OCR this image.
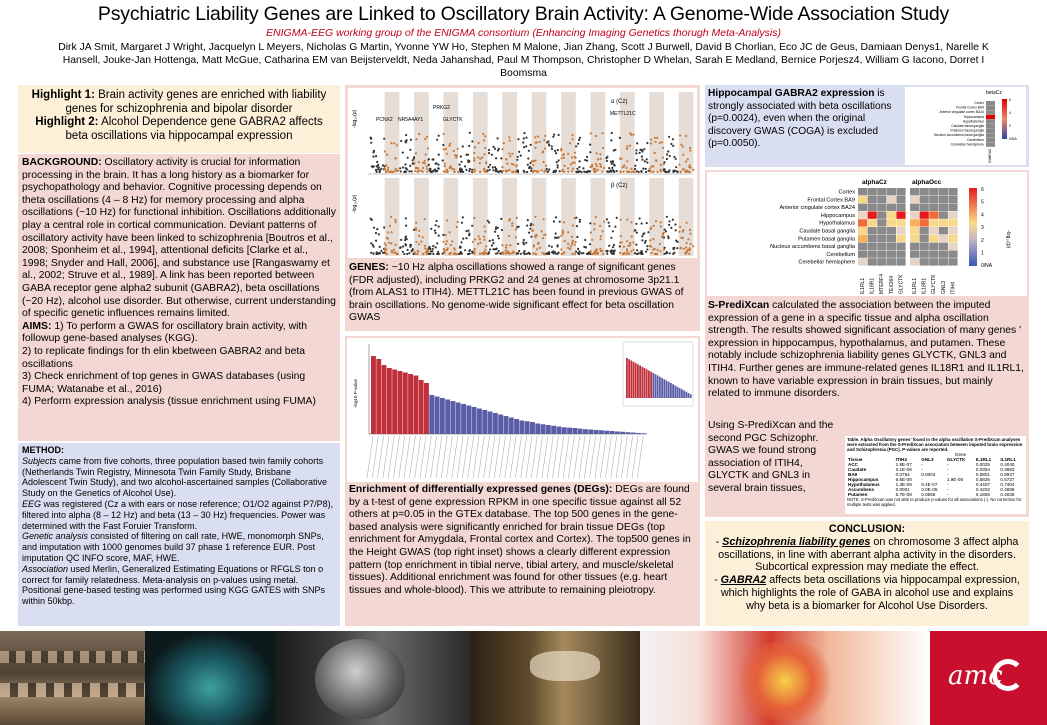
Psychiatric Liability Genes are Linked to Oscillatory Brain Activity: A Genome-Wide Association Study
ENIGMA-EEG working group of the ENIGMA consortium (Enhancing Imaging Genetics thorugh Meta-Analysis)
Dirk JA Smit, Margaret J Wright, Jacquelyn L Meyers, Nicholas G Martin, Yvonne YW Ho, Stephen M Malone, Jian Zhang, Scott J Burwell, David B Chorlian, Eco JC de Geus, Damiaan Denys1, Narelle K Hansell, Jouke-Jan Hottenga, Matt McGue, Catharina EM van Beijsterveldt, Neda Jahanshad, Paul M Thompson, Christopher D Whelan, Sarah E Medland, Bernice Porjesz4, William G Iacono, Dorret I Boomsma
Highlight 1: Brain activity genes are enriched with liability genes for schizophrenia and bipolar disorder
Highlight 2: Alcohol Dependence gene GABRA2 affects beta oscillations via hippocampal expression

BACKGROUND: Oscillatory activity is crucial for information processing in the brain. It has a long history as a biomarker for psychopathology and behavior. Cognitive processing depends on theta oscillations (4 – 8 Hz) for memory processing and alpha oscillations (~10 Hz) for functional inhibition. Oscillations additionally play a central role in cortical communication. Deviant patterns of oscillatory activity have been linked to schizophrenia [Boutros et al., 2008; Sponheim et al., 1994], attentional deficits [Clarke et al., 1998; Snyder and Hall, 2006], and substance use [Rangaswamy et al., 2002; Struve et al., 1989]. A link has been reported between GABA receptor gene alpha2 subunit (GABRA2), beta oscillations (~20 Hz), alcohol use disorder. But otherwise, current understanding of specific genetic influences remains limited.

AIMS: 1) To perform a GWAS for oscillatory brain activity, with followup gene-based analyses (KGG).

2) to replicate findings for th elin kbetween GABRA2 and beta oscillations

3) Check enrichment of top genes in GWAS databases (using FUMA; Watanabe et al., 2016)

4) Perform expression analysis (tissue enrichment using FUMA)

METHOD:

Subjects came from five cohorts, three population based twin family cohorts (Netherlands Twin Registry, Minnesota Twin Family Study, Brisbane Adolescent Twin Study), and two alcohol-ascertained samples (Collaborative Study on the Genetics of Alcohol Use).

EEG was registered (Cz a with ears or nose reference; O1/O2 against P7/P8), filtered into alpha (8 – 12 Hz) and beta (13 – 30 Hz) frequencies. Power was determined with the Fast Foruier Transform.

Genetic analysis consisted of filtering on call rate, HWE, monomorph SNPs, and imputation with 1000 genomes build 37 phase 1 reference EUR. Post imputation QC INFO score, MAF, HWE.

Association used Merlin, Generalized Estimating Equations or RFGLS ton o correct for family relatedness. Meta-analysis on p-values using metal. Positional gene-based testing was performed using KGG GATES with SNPs within 50kbp.

α (Cz)
β (Cz)
-log₁₀(p)
-log₁₀(p)
PRKG2
PCNX2 NR5A4AY1	GLYCTK
METTL21C
GENES: ~10 Hz alpha oscillations showed a range of significant genes (FDR adjusted), including PRKG2 and 24 genes at chromosome 3p21.1 (from ALAS1 to ITIH4). METTL21C has been found in previous GWAS of brain oscillations. No genome-wide significant effect for beta oscillation GWAS
-log10 P-value
Enrichment of differentially expressed genes (DEGs): DEGs are found by a t-test of gene expression RPKM in one specific tissue against all 52 others at p=0.05 in the GTEx database. The top 500 genes in the gene-based analysis were significantly enriched for brain tissue DEGs (top enrichment for Amygdala, Frontal cortex and Cortex). The top500 genes in the Height GWAS (top right inset) shows a clearly different expression pattern (top enrichment in tibial nerve, tibial artery, and muscle/skeletal tissues). Additional enrichment was found for other tissues (e.g. heart tissues and whole-blood). This we attribute to remaining pleiotropy.
Hippocampal GABRA2 expression is strongly associated with beta oscillations (p=0.0024), even when the original discovery GWAS (COGA) is excluded (p=0.0050).
betaCz
Cortex
Frontal Cortex BA9
Anterior cingulate cortex BA24
Hippocampus
Hypothalamus
Caudate basal ganglia
Putamen basal ganglia
Nucleus accumbens basal ganglia
Cerebellum
Cerebellar hemisphere
GABRA2
6
4
2
0/NA
alphaCz	alphaOcc
Cortex
Frontal Cortex BA9
Anterior cingulate cortex BA24
Hippocampus
Hypothalamus
Caudate basal ganglia
Putamen basal ganglia
Nucleus accumbens basal ganglia
Cerebellum
Cerebellar hemisphere
IL1RL1 IL18R1 MTERF4 TEX264 GLYCTK IL1RL1 IL18R1 GLYCTK GNL3 ITIH4
6
5
4
3
2
1
0/NA
-log₁₀(p)
S-PrediXcan calculated the association between the imputed expression of a gene in a specific tissue and alpha oscillation strength. The results showed significant association of many genes ' expression in hippocampus, hypothalamus, and putamen. These notably include schizophrenia liability genes GLYCTK, GNL3 and ITIH4. Further genes are immune-related genes IL18R1 and IL1RL1, known to have variable expression in brain tissues, but mainly related to immune disorders.
Using S-PrediXcan and the second PGC Schizophr. GWAS we found strong association of ITIH4, GLYCTK and GNL3 in several brain tissues,
Table. Alpha Oscillatory genes' found in the alpha oscillation S-PrediXcan analyses were extracted from the S-PrediXcan association between imputed brain expression and Schizophrenia (PGC). P-values are reported.
Gene
Tissue	ITIH4	GNL3	GLYCTK	IL1RL1	IL1RL1
ACC	1.8E-07	-	-	0.0025	0.4040
Caudate	3.1E-08	-	-	0.0354	0.3883
BA9	0.0754	0.0004	-	0.0801	0.8937
Hippocampus	6.5E-08	-	1.9E-08	0.5826	0.5727
Hypothalamus	1.3E-09	9.4E-07	-	0.4407	0.7404
Accumbens	0.0001	3.0E-05	-	0.4202	0.4888
Putamen	5.7E-08	0.0559	-	0.1868	0.4036
NOTE. S-PrediXcan was not able to produce p-values for all associations (-). No correction for multiple tests was applied.

CONCLUSION:

- Schizophrenia liability genes on chromosome 3 affect alpha oscillations, in line with aberrant alpha activity in the disorders. Subcortical expression may mediate the effect.

- GABRA2 affects beta oscillations via hippocampal expression, which highlights the role of GABA in alcohol use and explains why beta is a biomarker for Alcohol Use Disorders.

amc
